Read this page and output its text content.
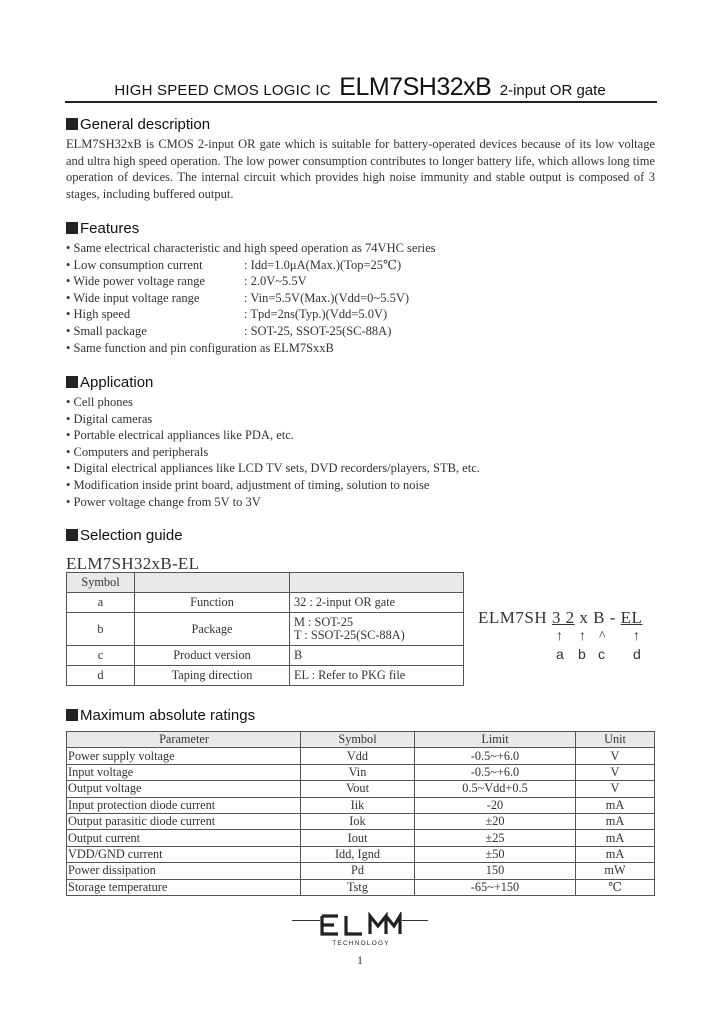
HIGH SPEED CMOS LOGIC IC ELM7SH32xB 2-input OR gate
General description
ELM7SH32xB is CMOS 2-input OR gate which is suitable for battery-operated devices because of its low voltage and ultra high speed operation. The low power consumption contributes to longer battery life, which allows long time operation of devices. The internal circuit which provides high noise immunity and stable output is composed of 3 stages, including buffered output.
Features
• Same electrical characteristic and high speed operation as 74VHC series
• Low consumption current	: Idd=1.0μA(Max.)(Top=25℃)
• Wide power voltage range	: 2.0V~5.5V
• Wide input voltage range	: Vin=5.5V(Max.)(Vdd=0~5.5V)
• High speed	: Tpd=2ns(Typ.)(Vdd=5.0V)
• Small package	: SOT-25, SSOT-25(SC-88A)
• Same function and pin configuration as ELM7SxxB
Application
• Cell phones
• Digital cameras
• Portable electrical appliances like PDA, etc.
• Computers and peripherals
• Digital electrical appliances like LCD TV sets, DVD recorders/players, STB, etc.
• Modification inside print board, adjustment of timing, solution to noise
• Power voltage change from 5V to 3V
Selection guide
ELM7SH32xB-EL
Symbol		
a	Function	32 : 2-input OR gate
b	Package	M : SOT-25
T : SSOT-25(SC-88A)

c	Product version	B
d	Taping direction	EL : Refer to PKG file
ELM7SH 3 2 x B - EL
↑ ↑ ^ ↑
a b c d
Maximum absolute ratings
Parameter	Symbol	Limit	Unit
Power supply voltage	Vdd	-0.5~+6.0	V
Input voltage	Vin	-0.5~+6.0	V
Output voltage	Vout	0.5~Vdd+0.5	V
Input protection diode current	Iik	-20	mA
Output parasitic diode current	Iok	±20	mA
Output current	Iout	±25	mA
VDD/GND current	Idd, Ignd	±50	mA
Power dissipation	Pd	150	mW
Storage temperature	Tstg	-65~+150	℃
TECHNOLOGY
1
